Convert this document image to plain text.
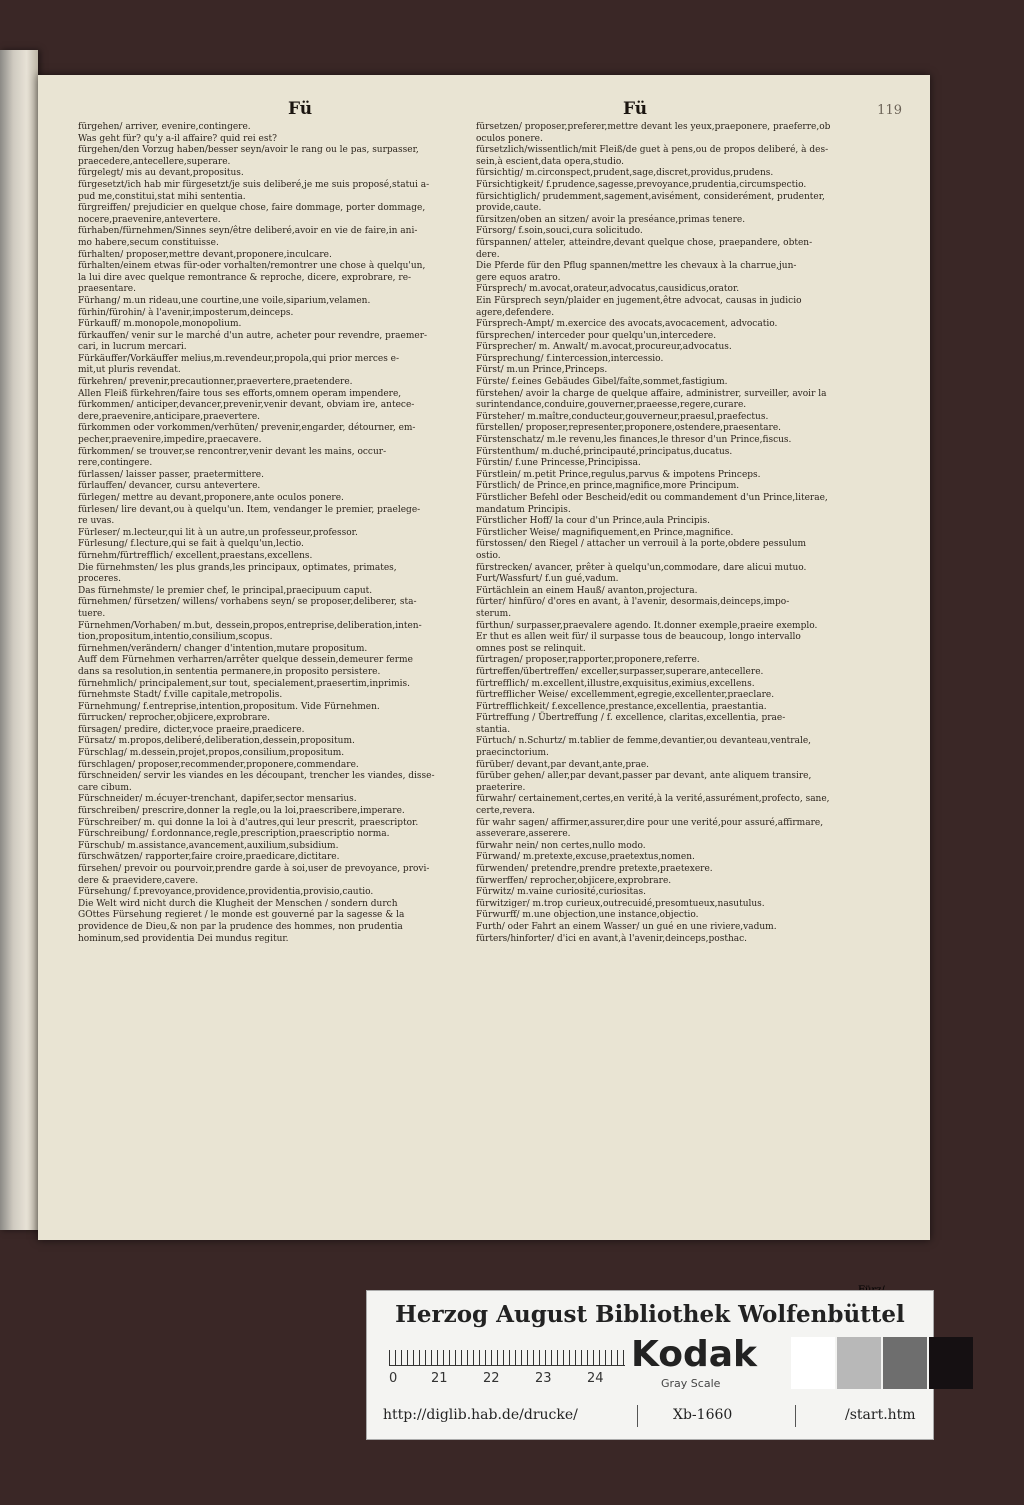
Fü	Fü	119

fürgehen/ arriver, evenire,contingere.

Was geht für? qu'y a-il affaire? quid rei est?

fürgehen/den Vorzug haben/besser seyn/avoir le rang ou le pas, surpasser,

praecedere,antecellere,superare.

fürgelegt/ mis au devant,propositus.

fürgesetzt/ich hab mir fürgesetzt/je suis deliberé,je me suis proposé,statui a-

pud me,constitui,stat mihi sententia.

fürgreiffen/ prejudicier en quelque chose, faire dommage, porter dommage,

nocere,praevenire,antevertere.

fürhaben/fürnehmen/Sinnes seyn/être deliberé,avoir en vie de faire,in ani-

mo habere,secum constituisse.

fürhalten/ proposer,mettre devant,proponere,inculcare.

fürhalten/einem etwas für-oder vorhalten/remontrer une chose à quelqu'un,

la lui dire avec quelque remontrance & reproche, dicere, exprobrare, re-

praesentare.

Fürhang/ m.un rideau,une courtine,une voile,siparium,velamen.

fürhin/fürohin/ à l'avenir,imposterum,deinceps.

Fürkauff/ m.monopole,monopolium.

fürkauffen/ venir sur le marché d'un autre, acheter pour revendre, praemer-

cari, in lucrum mercari.

Fürkäuffer/Vorkäuffer melius,m.revendeur,propola,qui prior merces e-

mit,ut pluris revendat.

fürkehren/ prevenir,precautionner,praevertere,praetendere.

Allen Fleiß fürkehren/faire tous ses efforts,omnem operam impendere,

fürkommen/ anticiper,devancer,prevenir,venir devant, obviam ire, antece-

dere,praevenire,anticipare,praevertere.

fürkommen oder vorkommen/verhüten/ prevenir,engarder, détourner, em-

pecher,praevenire,impedire,praecavere.

fürkommen/ se trouver,se rencontrer,venir devant les mains, occur-

rere,contingere.

fürlassen/ laisser passer, praetermittere.

fürlauffen/ devancer, cursu antevertere.

fürlegen/ mettre au devant,proponere,ante oculos ponere.

fürlesen/ lire devant,ou à quelqu'un. Item, vendanger le premier, praelege-

re uvas.

Fürleser/ m.lecteur,qui lit à un autre,un professeur,professor.

Fürlesung/ f.lecture,qui se fait à quelqu'un,lectio.

fürnehm/fürtrefflich/ excellent,praestans,excellens.

Die fürnehmsten/ les plus grands,les principaux, optimates, primates,

proceres.

Das fürnehmste/ le premier chef, le principal,praecipuum caput.

fürnehmen/ fürsetzen/ willens/ vorhabens seyn/ se proposer,deliberer, sta-

tuere.

Fürnehmen/Vorhaben/ m.but, dessein,propos,entreprise,deliberation,inten-

tion,propositum,intentio,consilium,scopus.

fürnehmen/verändern/ changer d'intention,mutare propositum.

Auff dem Fürnehmen verharren/arrêter quelque dessein,demeurer ferme

dans sa resolution,in sententia permanere,in proposito persistere.

fürnehmlich/ principalement,sur tout, specialement,praesertim,inprimis.

fürnehmste Stadt/ f.ville capitale,metropolis.

Fürnehmung/ f.entreprise,intention,propositum. Vide Fürnehmen.

fürrucken/ reprocher,objicere,exprobrare.

fürsagen/ predire, dicter,voce praeire,praedicere.

Fürsatz/ m.propos,deliberé,deliberation,dessein,propositum.

Fürschlag/ m.dessein,projet,propos,consilium,propositum.

fürschlagen/ proposer,recommender,proponere,commendare.

fürschneiden/ servir les viandes en les découpant, trencher les viandes, disse-

care cibum.

Fürschneider/ m.écuyer-trenchant, dapifer,sector mensarius.

fürschreiben/ prescrire,donner la regle,ou la loi,praescribere,imperare.

Fürschreiber/ m. qui donne la loi à d'autres,qui leur prescrit, praescriptor.

Fürschreibung/ f.ordonnance,regle,prescription,praescriptio norma.

Fürschub/ m.assistance,avancement,auxilium,subsidium.

fürschwätzen/ rapporter,faire croire,praedicare,dictitare.

fürsehen/ prevoir ou pourvoir,prendre garde à soi,user de prevoyance, provi-

dere & praevidere,cavere.

Fürsehung/ f.prevoyance,providence,providentia,provisio,cautio.

Die Welt wird nicht durch die Klugheit der Menschen / sondern durch

GOttes Fürsehung regieret / le monde est gouverné par la sagesse & la

providence de Dieu,& non par la prudence des hommes, non prudentia

hominum,sed providentia Dei mundus regitur.

fürsetzen/ proposer,preferer,mettre devant les yeux,praeponere, praeferre,ob

oculos ponere.

fürsetzlich/wissentlich/mit Fleiß/de guet à pens,ou de propos deliberé, à des-

sein,à escient,data opera,studio.

fürsichtig/ m.circonspect,prudent,sage,discret,providus,prudens.

Fürsichtigkeit/ f.prudence,sagesse,prevoyance,prudentia,circumspectio.

fürsichtiglich/ prudemment,sagement,avisément, considerément, prudenter,

provide,caute.

fürsitzen/oben an sitzen/ avoir la preséance,primas tenere.

Fürsorg/ f.soin,souci,cura solicitudo.

fürspannen/ atteler, atteindre,devant quelque chose, praepandere, obten-

dere.

Die Pferde für den Pflug spannen/mettre les chevaux à la charrue,jun-

gere equos aratro.

Fürsprech/ m.avocat,orateur,advocatus,causidicus,orator.

Ein Fürsprech seyn/plaider en jugement,être advocat, causas in judicio

agere,defendere.

Fürsprech-Ampt/ m.exercice des avocats,avocacement, advocatio.

fürsprechen/ interceder pour quelqu'un,intercedere.

Fürsprecher/ m. Anwalt/ m.avocat,procureur,advocatus.

Fürsprechung/ f.intercession,intercessio.

Fürst/ m.un Prince,Princeps.

Fürste/ f.eines Gebäudes Gibel/faîte,sommet,fastigium.

fürstehen/ avoir la charge de quelque affaire, administrer, surveiller, avoir la

surintendance,conduire,gouverner,praeesse,regere,curare.

Fürsteher/ m.maître,conducteur,gouverneur,praesul,praefectus.

fürstellen/ proposer,representer,proponere,ostendere,praesentare.

Fürstenschatz/ m.le revenu,les finances,le thresor d'un Prince,fiscus.

Fürstenthum/ m.duché,principauté,principatus,ducatus.

Fürstin/ f.une Princesse,Principissa.

Fürstlein/ m.petit Prince,regulus,parvus & impotens Princeps.

Fürstlich/ de Prince,en prince,magnifice,more Principum.

Fürstlicher Befehl oder Bescheid/edit ou commandement d'un Prince,literae,

mandatum Principis.

Fürstlicher Hoff/ la cour d'un Prince,aula Principis.

Fürstlicher Weise/ magnifiquement,en Prince,magnifice.

fürstossen/ den Riegel / attacher un verrouil à la porte,obdere pessulum

ostio.

fürstrecken/ avancer, prêter à quelqu'un,commodare, dare alicui mutuo.

Furt/Wassfurt/ f.un gué,vadum.

Fürtächlein an einem Hauß/ avanton,projectura.

fürter/ hinfüro/ d'ores en avant, à l'avenir, desormais,deinceps,impo-

sterum.

fürthun/ surpasser,praevalere agendo. It.donner exemple,praeire exemplo.

Er thut es allen weit für/ il surpasse tous de beaucoup, longo intervallo

omnes post se relinquit.

fürtragen/ proposer,rapporter,proponere,referre.

fürtreffen/übertreffen/ exceller,surpasser,superare,antecellere.

fürtrefflich/ m.excellent,illustre,exquisitus,eximius,excellens.

fürtrefflicher Weise/ excellemment,egregie,excellenter,praeclare.

Fürtrefflichkeit/ f.excellence,prestance,excellentia, praestantia.

Fürtreffung / Übertreffung / f. excellence, claritas,excellentia, prae-

stantia.

Fürtuch/ n.Schurtz/ m.tablier de femme,devantier,ou devanteau,ventrale,

praecinctorium.

fürüber/ devant,par devant,ante,prae.

fürüber gehen/ aller,par devant,passer par devant, ante aliquem transire,

praeterire.

fürwahr/ certainement,certes,en verité,à la verité,assurément,profecto, sane,

certe,revera.

für wahr sagen/ affirmer,assurer,dire pour une verité,pour assuré,affirmare,

asseverare,asserere.

fürwahr nein/ non certes,nullo modo.

Fürwand/ m.pretexte,excuse,praetextus,nomen.

fürwenden/ pretendre,prendre pretexte,praetexere.

fürwerffen/ reprocher,objicere,exprobrare.

Fürwitz/ m.vaine curiosité,curiositas.

fürwitziger/ m.trop curieux,outrecuidé,presomtueux,nasutulus.

Fürwurff/ m.une objection,une instance,objectio.

Furth/ oder Fahrt an einem Wasser/ un gué en une riviere,vadum.

fürters/hinforter/ d'ici en avant,à l'avenir,deinceps,posthac.

Herzog August Bibliothek Wolfenbüttel
0	21	22	23	24
Kodak
Gray Scale
http://diglib.hab.de/drucke/	Xb-1660	/start.htm
